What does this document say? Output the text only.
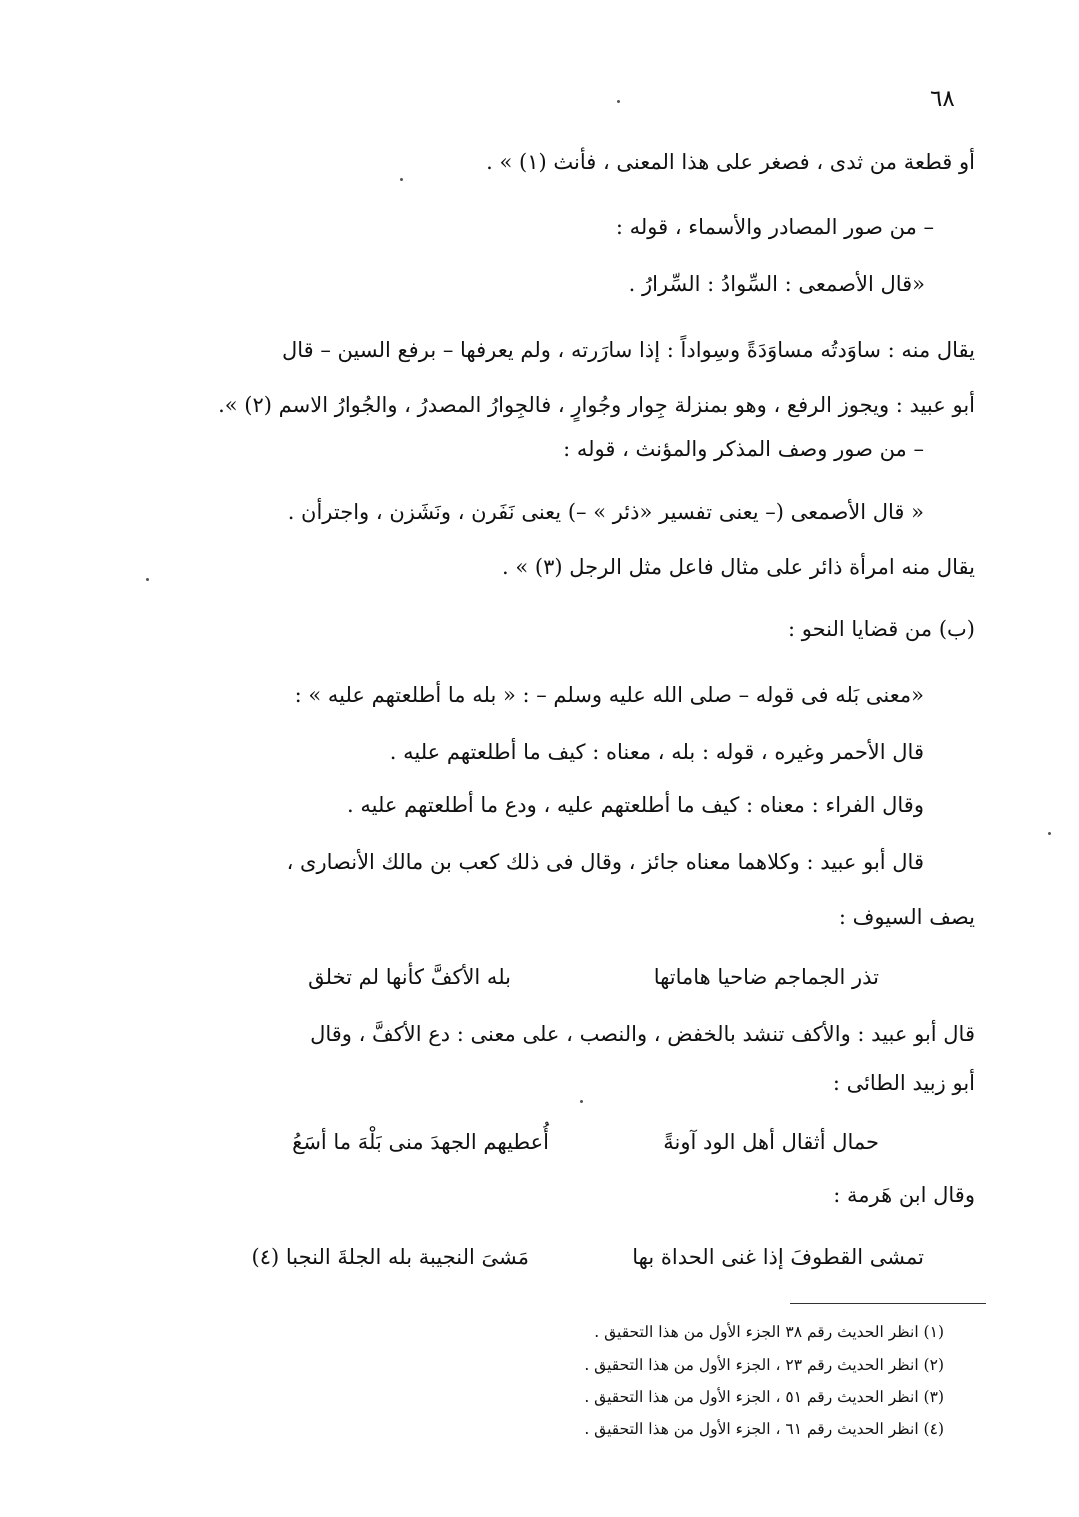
٦٨
أو قطعة من ثدى ، فصغر على هذا المعنى ، فأنث (١) » .
– من صور المصادر والأسماء ، قوله :
«قال الأصمعى : السِّوادُ : السِّرارُ .
يقال منه : ساوَدتُه مساوَدَةً وسِواداً : إذا سارَرته ، ولم يعرفها – برفع السين – قال
أبو عبيد : ويجوز الرفع ، وهو بمنزلة جِوار وجُوارٍ ، فالجِوارُ المصدرُ ، والجُوارُ الاسم (٢) ».
– من صور وصف المذكر والمؤنث ، قوله :
« قال الأصمعى (– يعنى تفسير «ذئر » –) يعنى نَفَرن ، ونَشَزن ، واجترأن .
يقال منه امرأة ذائر على مثال فاعل مثل الرجل (٣) » .
(ب) من قضايا النحو :
«معنى بَله فى قوله – صلى الله عليه وسلم – : « بله ما أطلعتهم عليه » :
قال الأحمر وغيره ، قوله : بله ، معناه : كيف ما أطلعتهم عليه .
وقال الفراء : معناه : كيف ما أطلعتهم عليه ، ودع ما أطلعتهم عليه .
قال أبو عبيد : وكلاهما معناه جائز ، وقال فى ذلك كعب بن مالك الأنصارى ،
يصف السيوف :
تذر الجماجم ضاحيا هاماتها
بله الأكفَّ كأنها لم تخلق
قال أبو عبيد : والأكف تنشد بالخفض ، والنصب ، على معنى : دع الأكفَّ ، وقال
أبو زبيد الطائى :
حمال أثقال أهل الود آونةً
أُعطيهم الجهدَ منى بَلْهَ ما أسَعُ
وقال ابن هَرمة :
تمشى القطوفَ إذا غنى الحداة بها
مَشىَ النجيبة بله الجلةَ النجبا (٤)
(١) انظر الحديث رقم ٣٨ الجزء الأول من هذا التحقيق .
(٢) انظر الحديث رقم ٢٣ ، الجزء الأول من هذا التحقيق .
(٣) انظر الحديث رقم ٥١ ، الجزء الأول من هذا التحقيق .
(٤) انظر الحديث رقم ٦١ ، الجزء الأول من هذا التحقيق .
